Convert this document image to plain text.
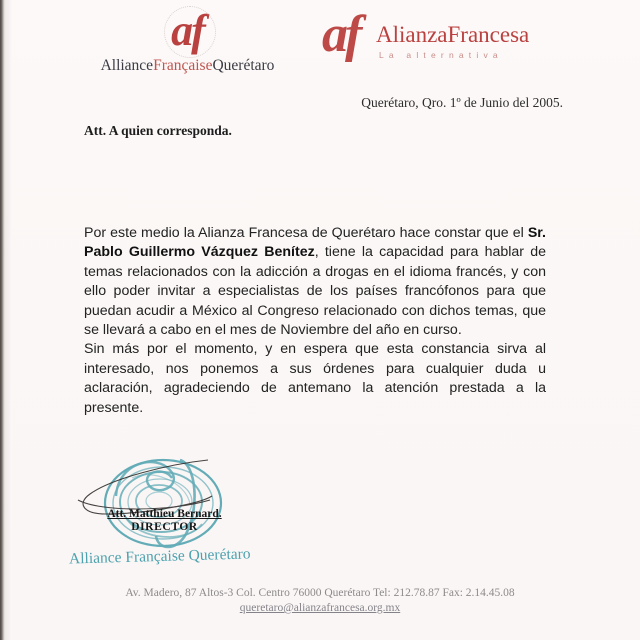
af
AllianceFrançaiseQuerétaro
af AlianzaFrancesa
La alternativa
Querétaro, Qro. 1º de Junio del 2005.
Att. A quien corresponda.

Por este medio la Alianza Francesa de Querétaro hace constar que el Sr. Pablo Guillermo Vázquez Benítez, tiene la capacidad para hablar de temas relacionados con la adicción a drogas en el idioma francés, y con ello poder invitar a especialistas de los países francófonos para que puedan acudir a México al Congreso relacionado con dichos temas, que se llevará a cabo en el mes de Noviembre del año en curso.

Sin más por el momento, y en espera que esta constancia sirva al interesado, nos ponemos a sus órdenes para cualquier duda u aclaración, agradeciendo de antemano la atención prestada a la presente.

Att. Matthieu Bernard.
DIRECTOR
Alliance Française Querétaro
Av. Madero, 87 Altos-3 Col. Centro 76000 Querétaro Tel: 212.78.87 Fax: 2.14.45.08
queretaro@alianzafrancesa.org.mx
